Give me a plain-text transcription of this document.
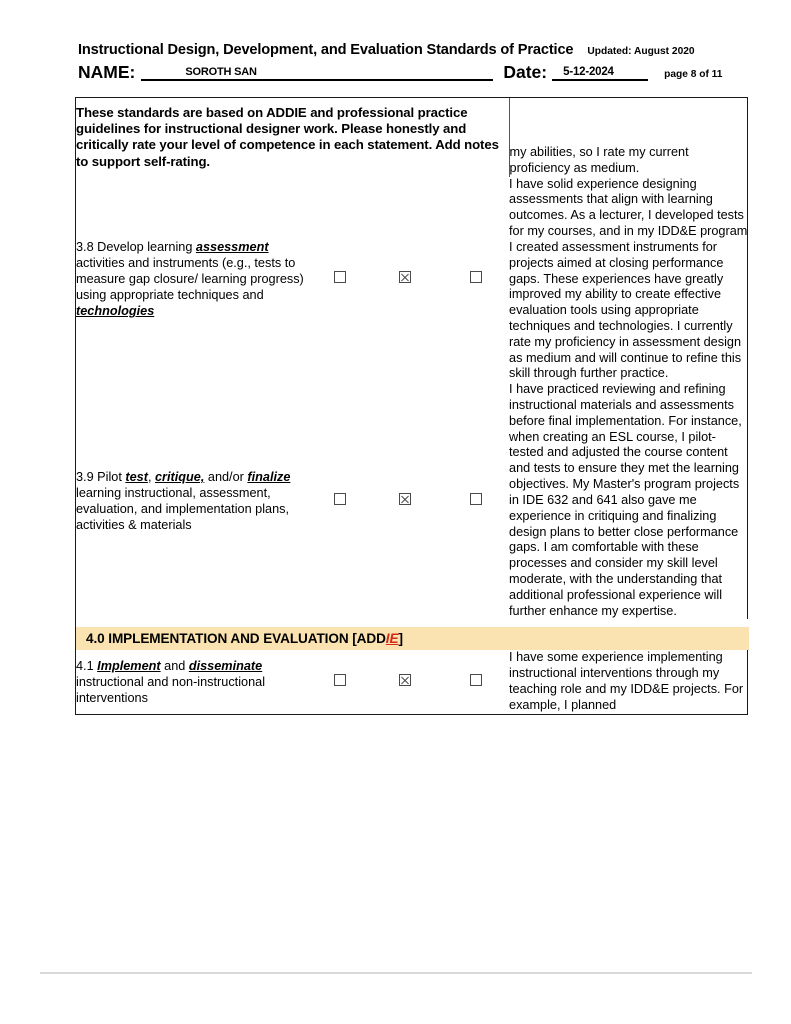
Instructional Design, Development, and Evaluation Standards of Practice Updated: August 2020
NAME:	SOROTH SAN	Date: 5-12-2024	page 8 of 11
These standards are based on ADDIE and professional practice guidelines for instructional designer work. Please honestly and critically rate your level of competence in each statement. Add notes to support self-rating.				my abilities, so I rate my current proficiency as medium.

3.8 Develop learning assessment activities and instruments (e.g., tests to measure gap closure/ learning progress) using appropriate techniques and technologies				I have solid experience designing assessments that align with learning outcomes. As a lecturer, I developed tests for my courses, and in my IDD&E program I created assessment instruments for projects aimed at closing performance gaps. These experiences have greatly improved my ability to create effective evaluation tools using appropriate techniques and technologies. I currently rate my proficiency in assessment design as medium and will continue to refine this skill through further practice.
3.9 Pilot test, critique, and/or finalize learning instructional, assessment, evaluation, and implementation plans, activities & materials				I have practiced reviewing and refining instructional materials and assessments before final implementation. For instance, when creating an ESL course, I pilot-tested and adjusted the course content and tests to ensure they met the learning objectives. My Master's program projects in IDE 632 and 641 also gave me experience in critiquing and finalizing design plans to better close performance gaps. I am comfortable with these processes and consider my skill level moderate, with the understanding that additional professional experience will further enhance my expertise.

4.0 IMPLEMENTATION AND EVALUATION [ADDIE]				

4.1 Implement and disseminate instructional and non-instructional interventions				I have some experience implementing instructional interventions through my teaching role and my IDD&E projects. For example, I planned
